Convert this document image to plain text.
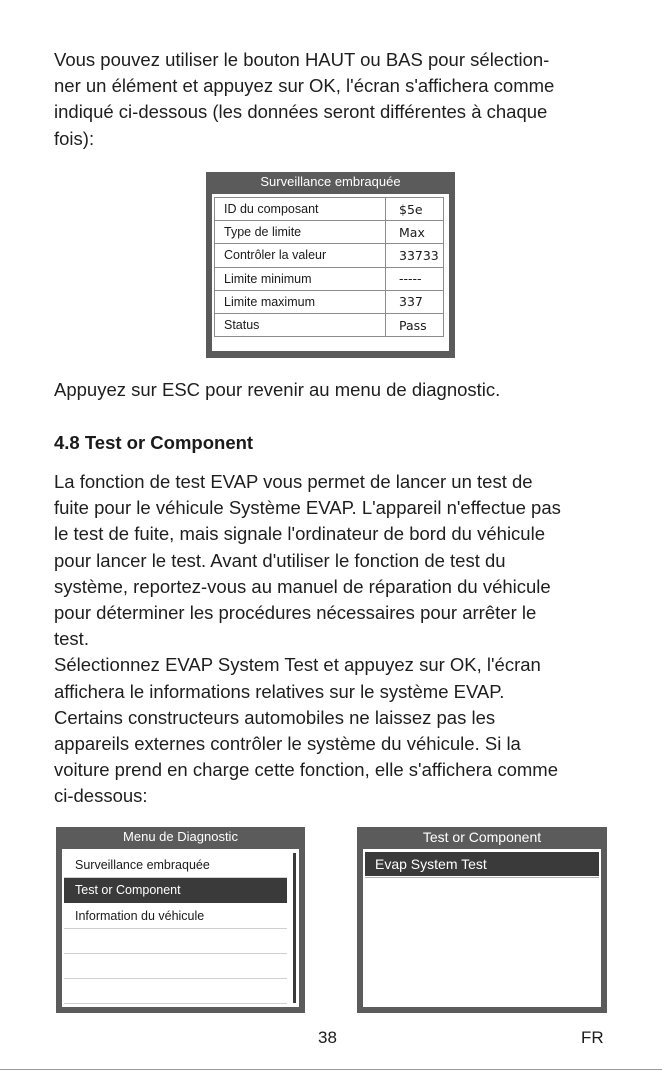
Vous pouvez utiliser le bouton HAUT ou BAS pour sélection-
ner un élément et appuyez sur OK, l'écran s'affichera comme
indiqué ci-dessous (les données seront différentes à chaque
fois):

Surveillance embraquée
ID du composant	$5e
Type de limite	Max
Contrôler la valeur	33733
Limite minimum	-----
Limite maximum	337
Status	Pass

Appuyez sur ESC pour revenir au menu de diagnostic.

4.8 Test or Component

La fonction de test EVAP vous permet de lancer un test de
fuite pour le véhicule Système EVAP. L'appareil n'effectue pas
le test de fuite, mais signale l'ordinateur de bord du véhicule
pour lancer le test. Avant d'utiliser le fonction de test du
système, reportez-vous au manuel de réparation du véhicule
pour déterminer les procédures nécessaires pour arrêter le
test.
Sélectionnez EVAP System Test et appuyez sur OK, l'écran
affichera le informations relatives sur le système EVAP.
Certains constructeurs automobiles ne laissez pas les
appareils externes contrôler le système du véhicule. Si la
voiture prend en charge cette fonction, elle s'affichera comme
ci-dessous:

Menu de Diagnostic
Surveillance embraquée
Test or Component
Information du véhicule
Test or Component
Evap System Test
38	FR
